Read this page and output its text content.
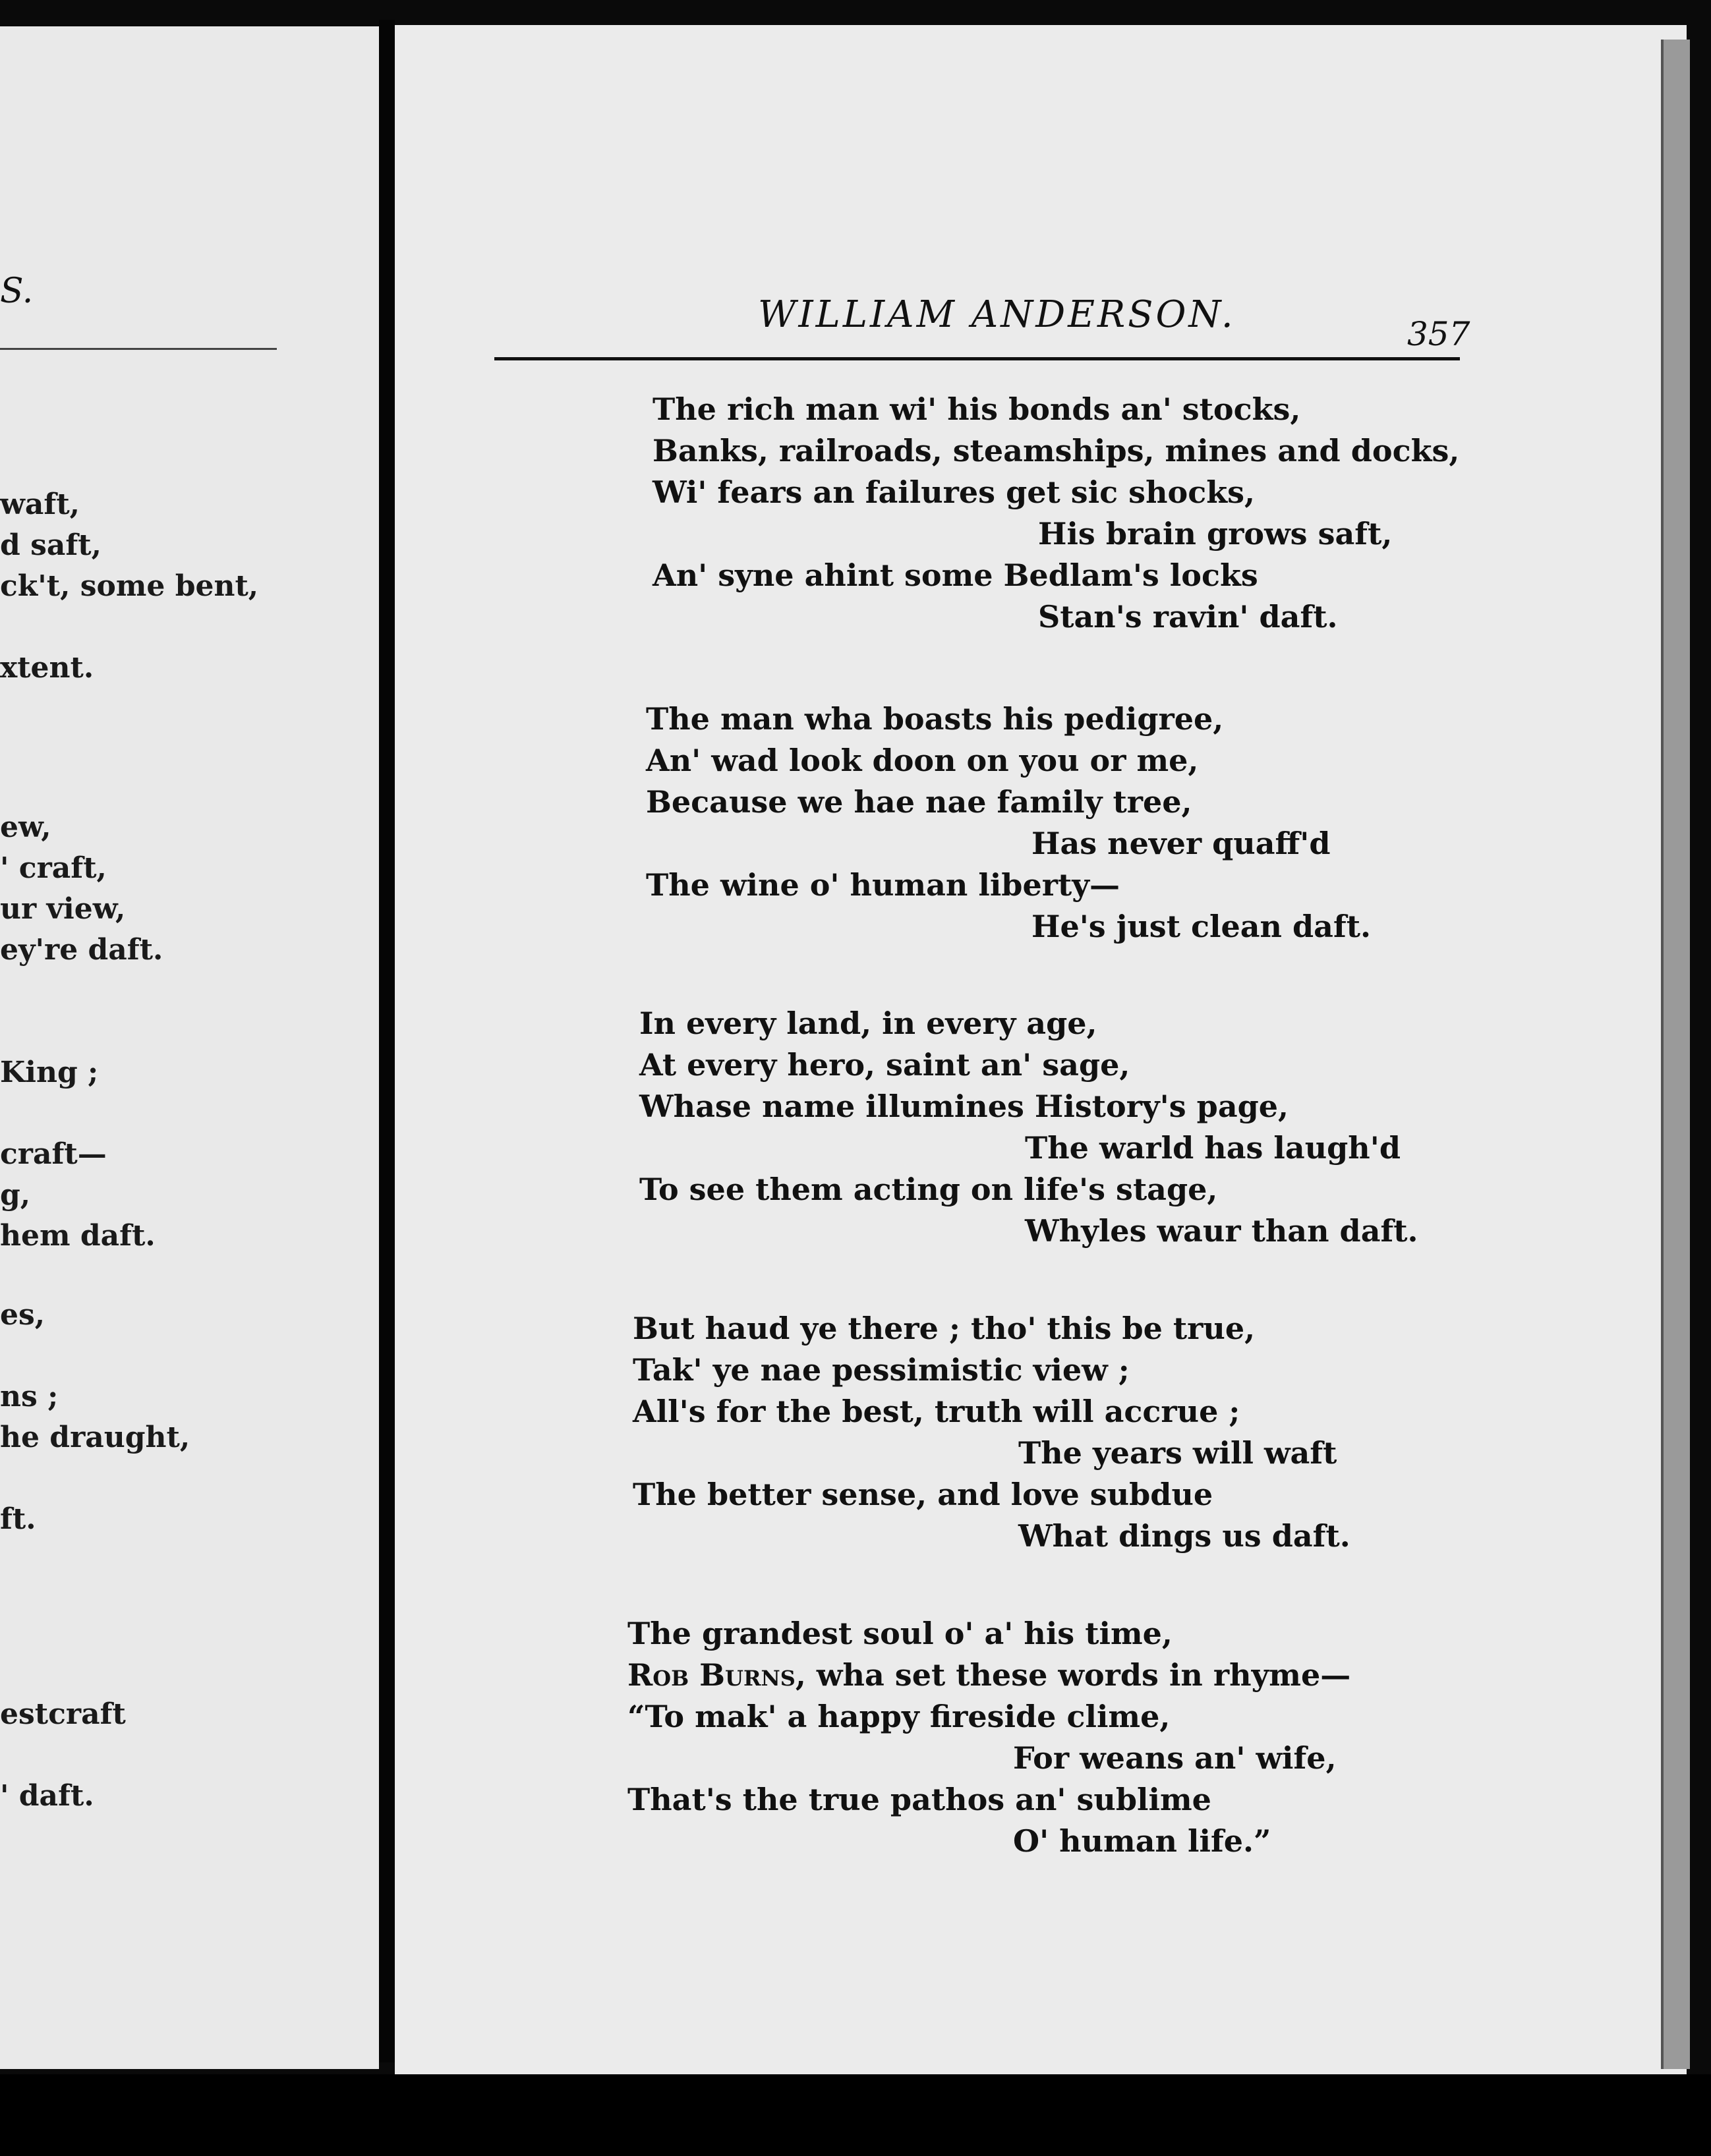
S.
waft,
d saft,
ck't, some bent,
xtent.
ew,
' craft,
ur view,
ey're daft.
King ;
craft—
g,
hem daft.
es,
ns ;
he draught,
ft.
estcraft
' daft.
WILLIAM ANDERSON.	357
The rich man wi' his bonds an' stocks,
Banks, railroads, steamships, mines and docks,
Wi' fears an failures get sic shocks,
His brain grows saft,
An' syne ahint some Bedlam's locks
Stan's ravin' daft.
The man wha boasts his pedigree,
An' wad look doon on you or me,
Because we hae nae family tree,
Has never quaff'd
The wine o' human liberty—
He's just clean daft.
In every land, in every age,
At every hero, saint an' sage,
Whase name illumines History's page,
The warld has laugh'd
To see them acting on life's stage,
Whyles waur than daft.
But haud ye there ; tho' this be true,
Tak' ye nae pessimistic view ;
All's for the best, truth will accrue ;
The years will waft
The better sense, and love subdue
What dings us daft.
The grandest soul o' a' his time,
Rob Burns, wha set these words in rhyme—
“To mak' a happy fireside clime,
For weans an' wife,
That's the true pathos an' sublime
O' human life.”
